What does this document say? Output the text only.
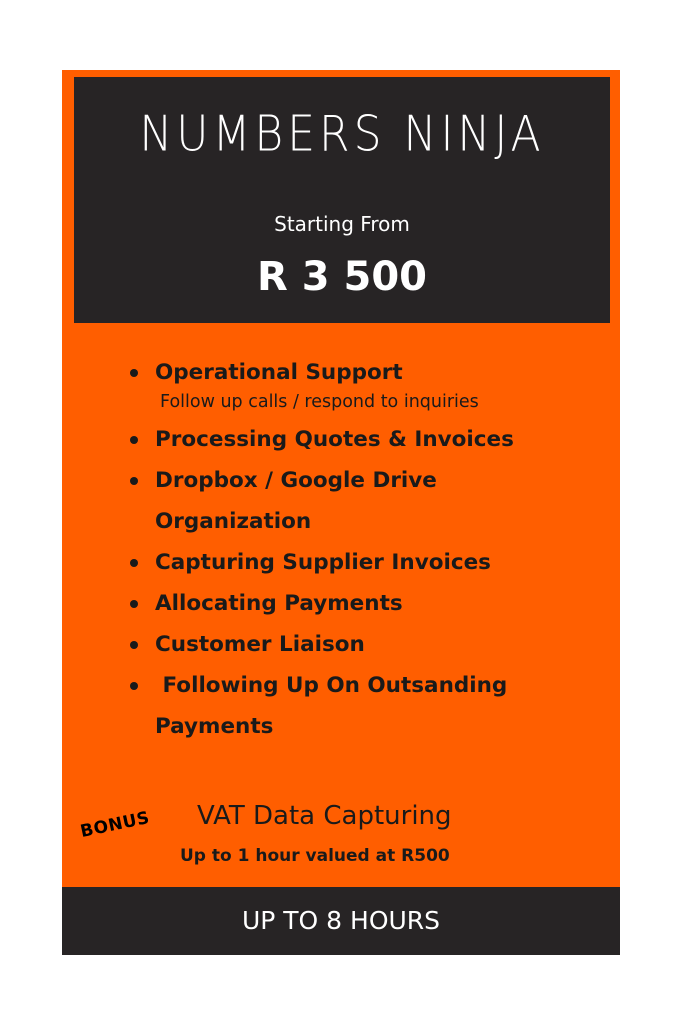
NUMBERS NINJA
Starting From
R 3 500
Operational Support
Follow up calls / respond to inquiries
Processing Quotes & Invoices
Dropbox / Google Drive
Organization
Capturing Supplier Invoices
Allocating Payments
Customer Liaison
Following Up On Outsanding
Payments
BONUS VAT Data Capturing
Up to 1 hour valued at R500
UP TO 8 HOURS
